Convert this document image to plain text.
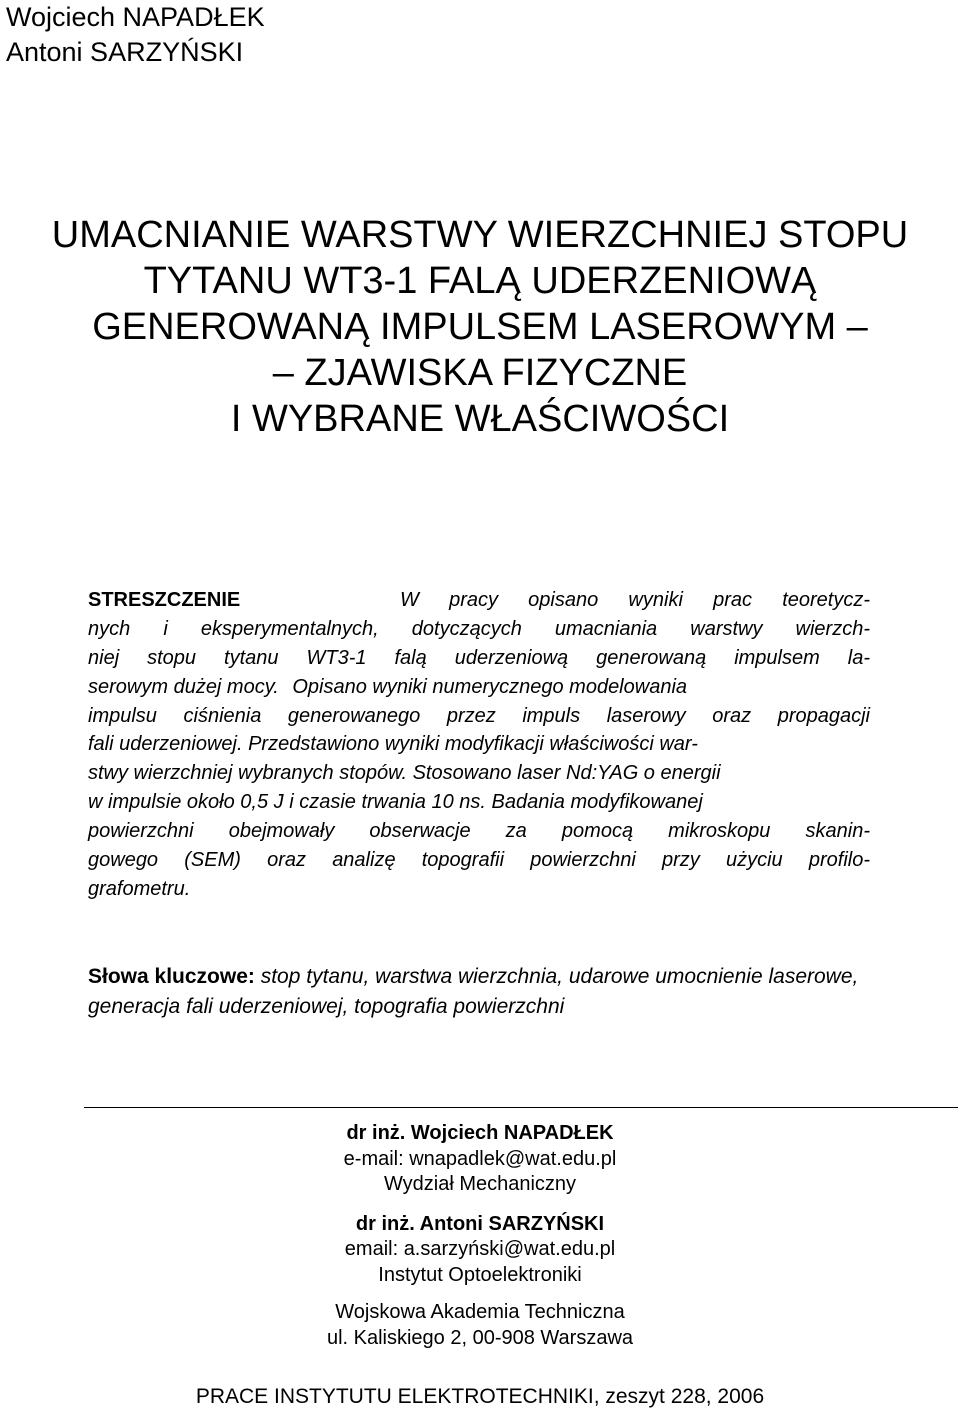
Wojciech NAPADŁEK
Antoni SARZYŃSKI
UMACNIANIE WARSTWY WIERZCHNIEJ STOPU
TYTANU WT3-1 FALĄ UDERZENIOWĄ
GENEROWANĄ IMPULSEM LASEROWYM –
– ZJAWISKA FIZYCZNE
I WYBRANE WŁAŚCIWOŚCI
STRESZCZENIE	W pracy opisano wyniki prac teoretycz-
nych i eksperymentalnych, dotyczących umacniania warstwy wierzch-
niej stopu tytanu WT3-1 falą uderzeniową generowaną impulsem la-
serowym dużej mocy. Opisano wyniki numerycznego modelowania
impulsu ciśnienia generowanego przez impuls laserowy oraz propagacji
fali uderzeniowej. Przedstawiono wyniki modyfikacji właściwości war-
stwy wierzchniej wybranych stopów. Stosowano laser Nd:YAG o energii
w impulsie około 0,5 J i czasie trwania 10 ns. Badania modyfikowanej
powierzchni obejmowały obserwacje za pomocą mikroskopu skanin-
gowego (SEM) oraz analizę topografii powierzchni przy użyciu profilo-
grafometru.
Słowa kluczowe: stop tytanu, warstwa wierzchnia, udarowe umocnienie laserowe, generacja fali uderzeniowej, topografia powierzchni
dr inż. Wojciech NAPADŁEK
e-mail: wnapadlek@wat.edu.pl
Wydział Mechaniczny
dr inż. Antoni SARZYŃSKI
email: a.sarzyński@wat.edu.pl
Instytut Optoelektroniki
Wojskowa Akademia Techniczna
ul. Kaliskiego 2, 00-908 Warszawa
PRACE INSTYTUTU ELEKTROTECHNIKI, zeszyt 228, 2006
